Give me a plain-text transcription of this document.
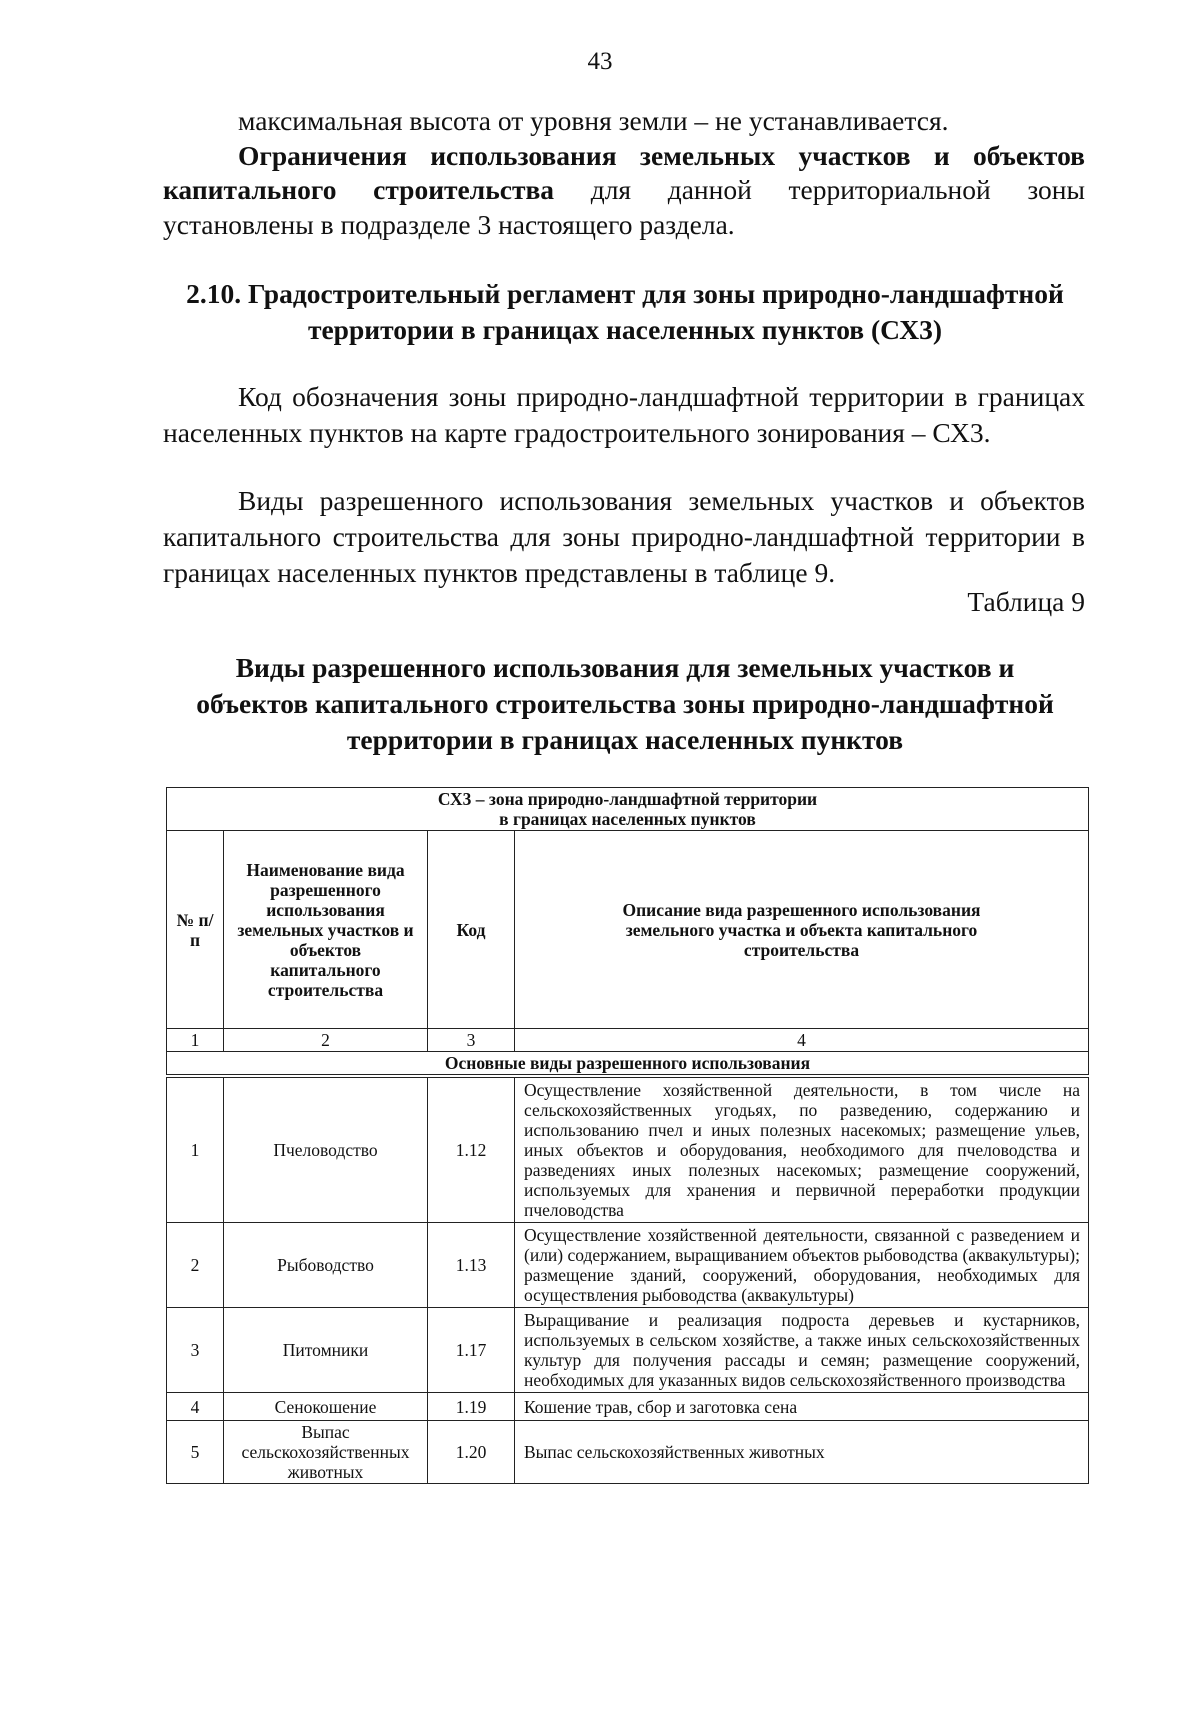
43
максимальная высота от уровня земли – не устанавливается.
Ограничения использования земельных участков и объектов капитального строительства для данной территориальной зоны
установлены в подразделе 3 настоящего раздела.
2.10. Градостроительный регламент для зоны природно-ландшафтной
территории в границах населенных пунктов (СХ3)
Код обозначения зоны природно-ландшафтной территории в границах населенных пунктов на карте градостроительного зонирования – СХ3.
Виды разрешенного использования земельных участков и объектов капитального строительства для зоны природно-ландшафтной территории в границах населенных пунктов представлены в таблице 9.
Таблица 9
Виды разрешенного использования для земельных участков и
объектов капитального строительства зоны природно-ландшафтной
территории в границах населенных пунктов
СХ3 – зона природно-ландшафтной территории
в границах населенных пунктов			
№ п/п	Наименование вида разрешенного использования земельных участков и объектов капитального строительства	Код	Описание вида разрешенного использования земельного участка и объекта капитального строительства
1	2	3	4
Основные виды разрешенного использования			
1	Пчеловодство	1.12	Осуществление хозяйственной деятельности, в том числе на сельскохозяйственных угодьях, по разведению, содержанию и использованию пчел и иных полезных насекомых; размещение ульев, иных объектов и оборудования, необходимого для пчеловодства и разведениях иных полезных насекомых; размещение сооружений, используемых для хранения и первичной переработки продукции пчеловодства
2	Рыбоводство	1.13	Осуществление хозяйственной деятельности, связанной с разведением и (или) содержанием, выращиванием объектов рыбоводства (аквакультуры); размещение зданий, сооружений, оборудования, необходимых для осуществления рыбоводства (аквакультуры)
3	Питомники	1.17	Выращивание и реализация подроста деревьев и кустарников, используемых в сельском хозяйстве, а также иных сельскохозяйственных культур для получения рассады и семян; размещение сооружений, необходимых для указанных видов сельскохозяйственного производства
4	Сенокошение	1.19	Кошение трав, сбор и заготовка сена
5	Выпас сельскохозяйственных животных	1.20	Выпас сельскохозяйственных животных
